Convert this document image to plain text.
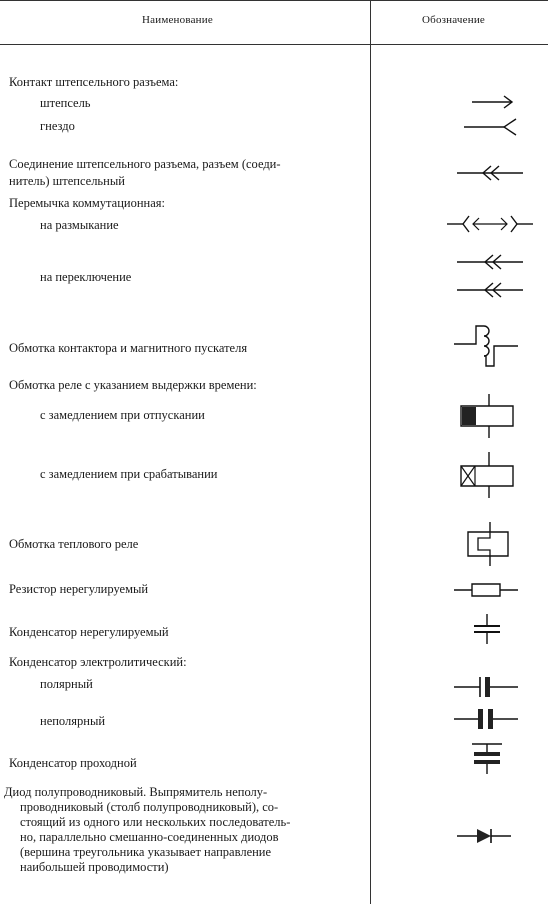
Наименование	Обозначение
Контакт штепсельного разъема:
штепсель
гнездо
Соединение штепсельного разъема, разъем (соеди-
нитель) штепсельный
Перемычка коммутационная:
на размыкание
на переключение
Обмотка контактора и магнитного пускателя
Обмотка реле с указанием выдержки времени:
с замедлением при отпускании
с замедлением при срабатывании
Обмотка теплового реле
Резистор нерегулируемый
Конденсатор нерегулируемый
Конденсатор электролитический:
полярный
неполярный
Конденсатор проходной
Диод полупроводниковый. Выпрямитель неполу-
проводниковый (столб полупроводниковый), со-
стоящий из одного или нескольких последователь-
но, параллельно смешанно-соединенных диодов
(вершина треугольника указывает направление
наибольшей проводимости)
